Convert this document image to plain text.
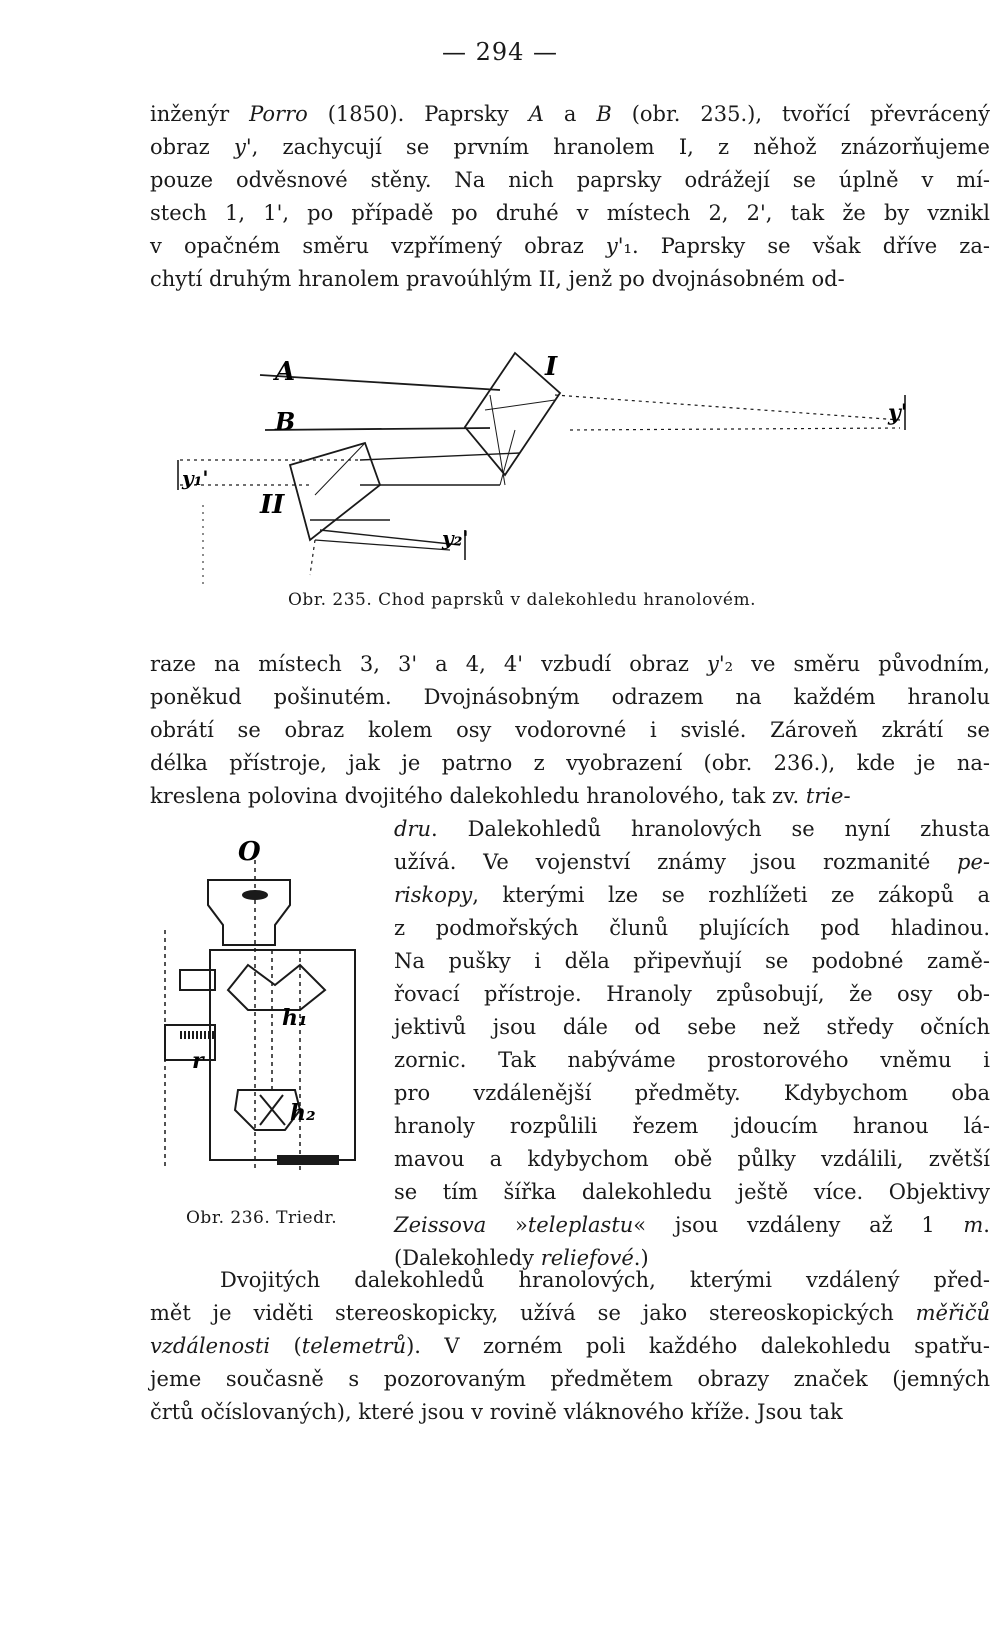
— 294 —
inženýr Porro (1850). Paprsky A a B (obr. 235.), tvořící převrácený
obraz y', zachycují se prvním hranolem I, z něhož znázorňujeme
pouze odvěsnové stěny. Na nich paprsky odrážejí se úplně v mí-
stech 1, 1', po případě po druhé v místech 2, 2', tak že by vznikl
v opačném směru vzpřímený obraz y'₁. Paprsky se však dříve za-
chytí druhým hranolem pravoúhlým II, jenž po dvojnásobném od-
A
B
I
II
y'
y₁'
y₂'
Obr. 235. Chod paprsků v dalekohledu hranolovém.
raze na místech 3, 3' a 4, 4' vzbudí obraz y'₂ ve směru původním,
poněkud pošinutém. Dvojnásobným odrazem na každém hranolu
obrátí se obraz kolem osy vodorovné i svislé. Zároveň zkrátí se
délka přístroje, jak je patrno z vyobrazení (obr. 236.), kde je na-
kreslena polovina dvojitého dalekohledu hranolového, tak zv. trie-
O
h₁
h₂
r
Obr. 236. Triedr.
dru. Dalekohledů hranolových se nyní zhusta
užívá. Ve vojenství známy jsou rozmanité pe-
riskopy, kterými lze se rozhlížeti ze zákopů a
z podmořských člunů plujících pod hladinou.
Na pušky i děla připevňují se podobné zamě-
řovací přístroje. Hranoly způsobují, že osy ob-
jektivů jsou dále od sebe než středy očních
zornic. Tak nabýváme prostorového vněmu i
pro vzdálenější předměty. Kdybychom oba
hranoly rozpůlili řezem jdoucím hranou lá-
mavou a kdybychom obě půlky vzdálili, zvětší
se tím šířka dalekohledu ještě více. Objektivy
Zeissova »teleplastu« jsou vzdáleny až 1 m.
(Dalekohledy reliefové.)
Dvojitých dalekohledů hranolových, kterými vzdálený před-
mět je viděti stereoskopicky, užívá se jako stereoskopických měřičů
vzdálenosti (telemetrů). V zorném poli každého dalekohledu spatřu-
jeme současně s pozorovaným předmětem obrazy značek (jemných
črtů očíslovaných), které jsou v rovině vláknového kříže. Jsou tak
